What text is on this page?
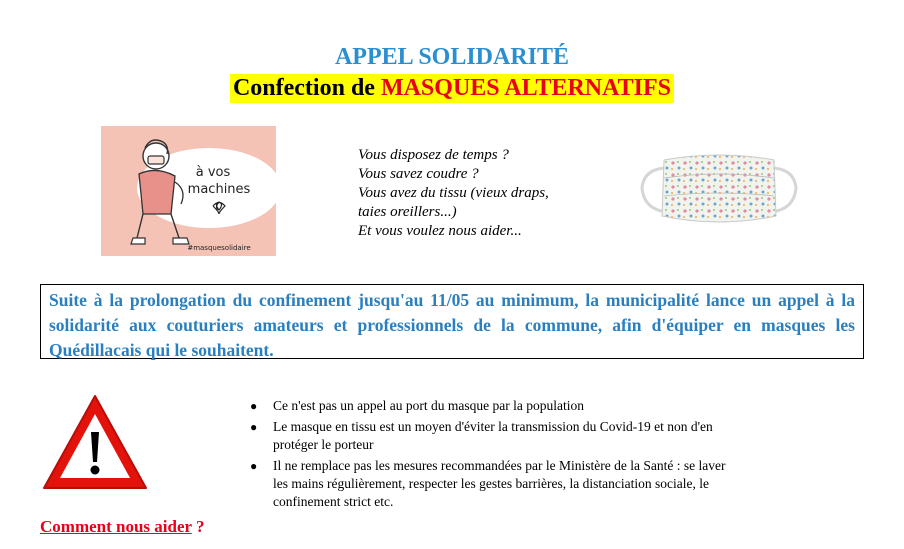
APPEL SOLIDARITÉ
Confection de MASQUES ALTERNATIFS
à vos
machines
#masquesolidaire
Vous disposez de temps ?
Vous savez coudre ?
Vous avez du tissu (vieux draps,
taies oreillers...)
Et vous voulez nous aider...
Suite à la prolongation du confinement jusqu'au 11/05 au minimum, la municipalité lance un appel à la solidarité aux couturiers amateurs et professionnels de la commune, afin d'équiper en masques les Quédillacais qui le souhaitent.
● Ce n'est pas un appel au port du masque par la population
● Le masque en tissu est un moyen d'éviter la transmission du Covid-19 et non d'en protéger le porteur
● Il ne remplace pas les mesures recommandées par le Ministère de la Santé : se laver les mains régulièrement, respecter les gestes barrières, la distanciation sociale, le confinement strict etc.
Comment nous aider ?
